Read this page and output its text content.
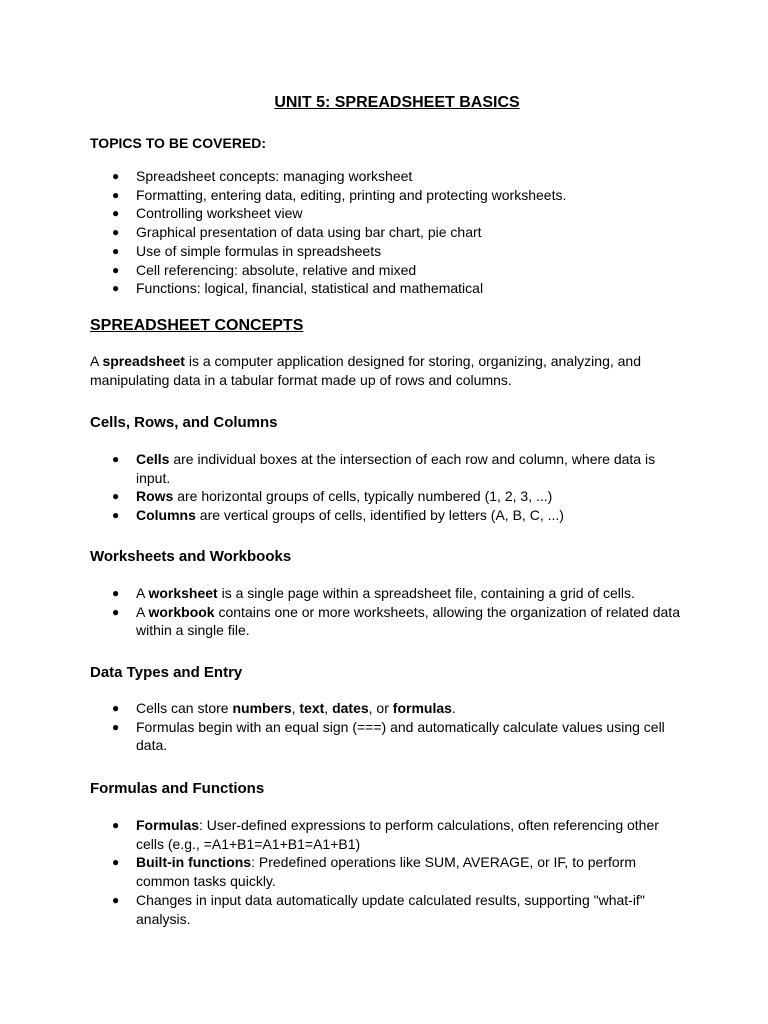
UNIT 5: SPREADSHEET BASICS
TOPICS TO BE COVERED:
● Spreadsheet concepts: managing worksheet
● Formatting, entering data, editing, printing and protecting worksheets.
● Controlling worksheet view
● Graphical presentation of data using bar chart, pie chart
● Use of simple formulas in spreadsheets
● Cell referencing: absolute, relative and mixed
● Functions: logical, financial, statistical and mathematical
SPREADSHEET CONCEPTS
A spreadsheet is a computer application designed for storing, organizing, analyzing, and manipulating data in a tabular format made up of rows and columns.
Cells, Rows, and Columns
● Cells are individual boxes at the intersection of each row and column, where data is input.
● Rows are horizontal groups of cells, typically numbered (1, 2, 3, ...)
● Columns are vertical groups of cells, identified by letters (A, B, C, ...)
Worksheets and Workbooks
● A worksheet is a single page within a spreadsheet file, containing a grid of cells.
● A workbook contains one or more worksheets, allowing the organization of related data within a single file.
Data Types and Entry
● Cells can store numbers, text, dates, or formulas.
● Formulas begin with an equal sign (===) and automatically calculate values using cell data.
Formulas and Functions
● Formulas: User-defined expressions to perform calculations, often referencing other cells (e.g., =A1+B1=A1+B1=A1+B1)
● Built-in functions: Predefined operations like SUM, AVERAGE, or IF, to perform common tasks quickly.
● Changes in input data automatically update calculated results, supporting "what-if" analysis.
